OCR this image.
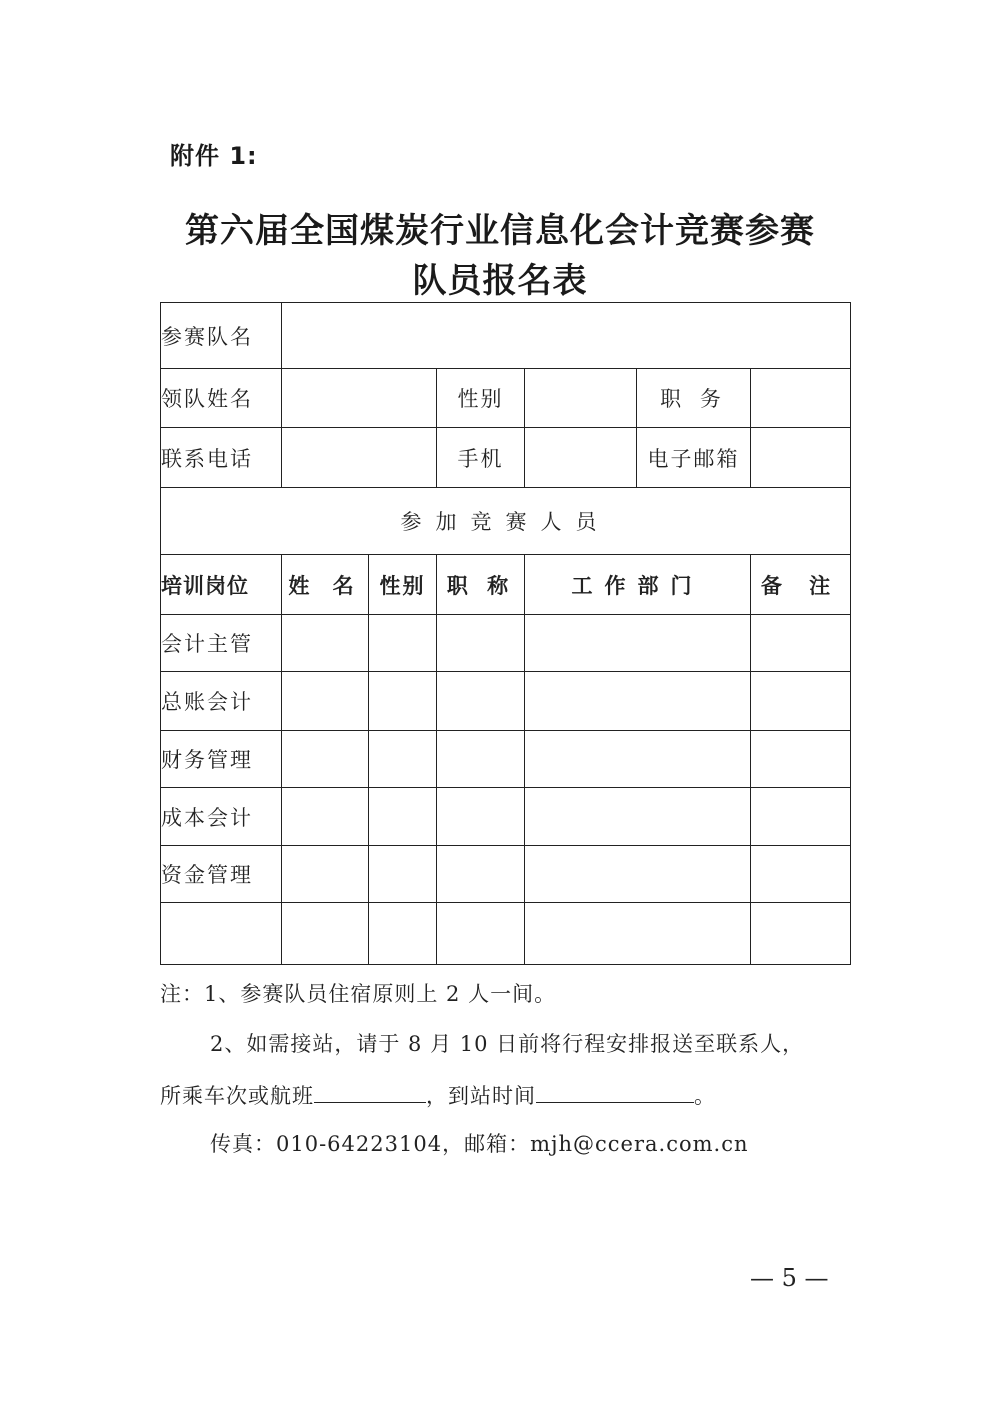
附件 1:
第六届全国煤炭行业信息化会计竞赛参赛
队员报名表
参赛队名						
领队姓名			性别		职 务	
联系电话			手机		电子邮箱	
参加竞赛人员						
培训岗位	姓 名	性别	职 称	工作部门		备 注
会计主管						
总账会计						
财务管理						
成本会计						
资金管理						

注：1、参赛队员住宿原则上 2 人一间。
2、如需接站，请于 8 月 10 日前将行程安排报送至联系人，
所乘车次或航班	，到站时间	。
传真：010-64223104，邮箱：mjh@ccera.com.cn
— 5 —
